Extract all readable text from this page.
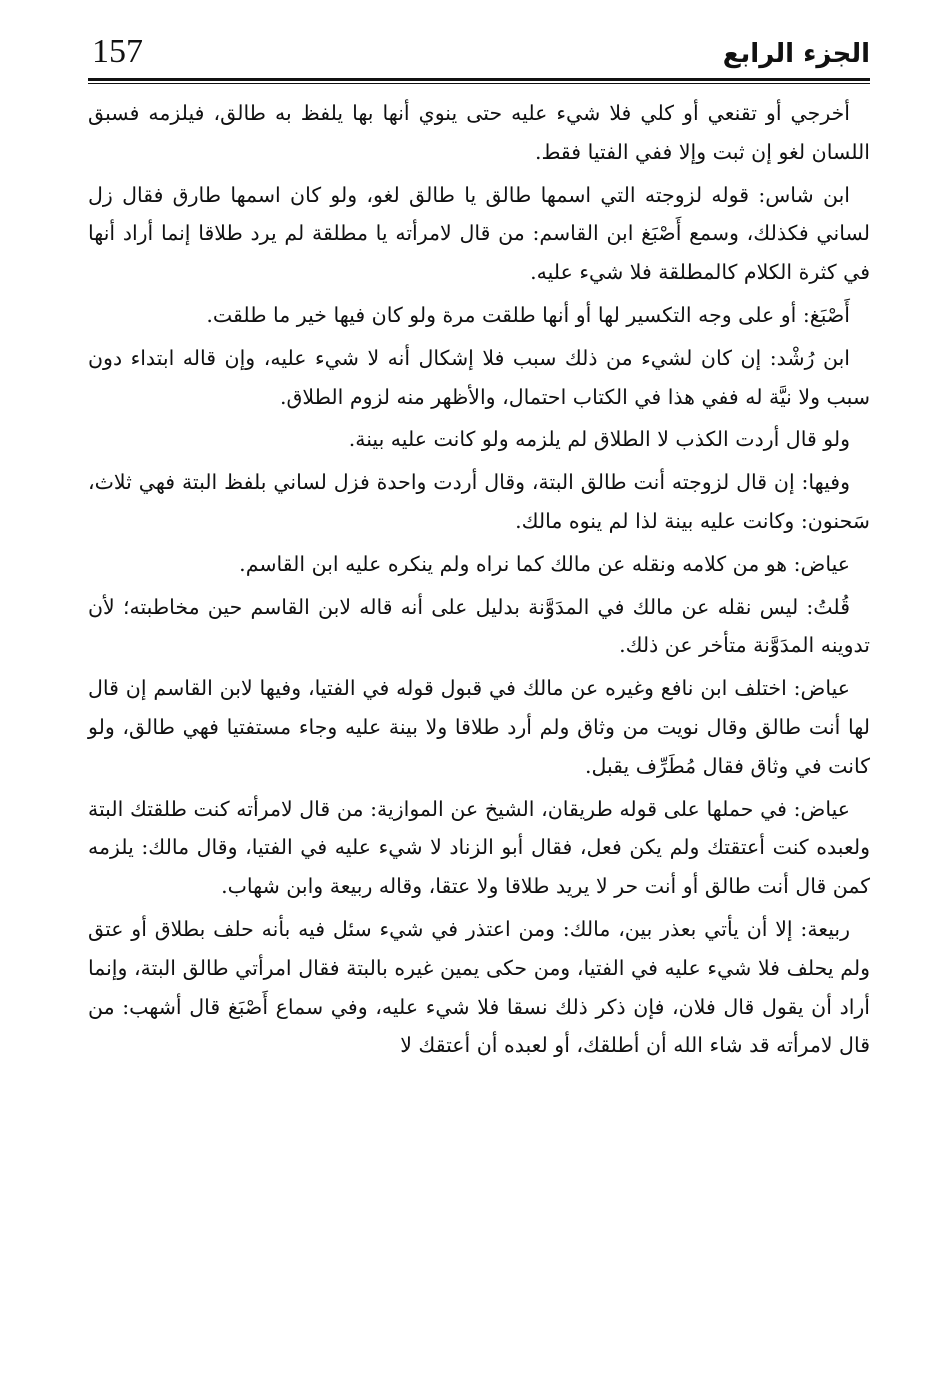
الجزء الرابع
157

أخرجي أو تقنعي أو كلي فلا شيء عليه حتى ينوي أنها بها يلفظ به طالق، فيلزمه فسبق اللسان لغو إن ثبت وإلا ففي الفتيا فقط.

ابن شاس: قوله لزوجته التي اسمها طالق يا طالق لغو، ولو كان اسمها طارق فقال زل لساني فكذلك، وسمع أَصْبَغ ابن القاسم: من قال لامرأته يا مطلقة لم يرد طلاقا إنما أراد أنها في كثرة الكلام كالمطلقة فلا شيء عليه.

أَصْبَغ: أو على وجه التكسير لها أو أنها طلقت مرة ولو كان فيها خير ما طلقت.

ابن رُشْد: إن كان لشيء من ذلك سبب فلا إشكال أنه لا شيء عليه، وإن قاله ابتداء دون سبب ولا نيَّة له ففي هذا في الكتاب احتمال، والأظهر منه لزوم الطلاق.

ولو قال أردت الكذب لا الطلاق لم يلزمه ولو كانت عليه بينة.

وفيها: إن قال لزوجته أنت طالق البتة، وقال أردت واحدة فزل لساني بلفظ البتة فهي ثلاث، سَحنون: وكانت عليه بينة لذا لم ينوه مالك.

عياض: هو من كلامه ونقله عن مالك كما نراه ولم ينكره عليه ابن القاسم.

قُلتُ: ليس نقله عن مالك في المدَوَّنة بدليل على أنه قاله لابن القاسم حين مخاطبته؛ لأن تدوينه المدَوَّنة متأخر عن ذلك.

عياض: اختلف ابن نافع وغيره عن مالك في قبول قوله في الفتيا، وفيها لابن القاسم إن قال لها أنت طالق وقال نويت من وثاق ولم أرد طلاقا ولا بينة عليه وجاء مستفتيا فهي طالق، ولو كانت في وثاق فقال مُطَرِّف يقبل.

عياض: في حملها على قوله طريقان، الشيخ عن الموازية: من قال لامرأته كنت طلقتك البتة ولعبده كنت أعتقتك ولم يكن فعل، فقال أبو الزناد لا شيء عليه في الفتيا، وقال مالك: يلزمه كمن قال أنت طالق أو أنت حر لا يريد طلاقا ولا عتقا، وقاله ربيعة وابن شهاب.

ربيعة: إلا أن يأتي بعذر بين، مالك: ومن اعتذر في شيء سئل فيه بأنه حلف بطلاق أو عتق ولم يحلف فلا شيء عليه في الفتيا، ومن حكى يمين غيره بالبتة فقال امرأتي طالق البتة، وإنما أراد أن يقول قال فلان، فإن ذكر ذلك نسقا فلا شيء عليه، وفي سماع أَصْبَغ قال أشهب: من قال لامرأته قد شاء الله أن أطلقك، أو لعبده أن أعتقك لا
